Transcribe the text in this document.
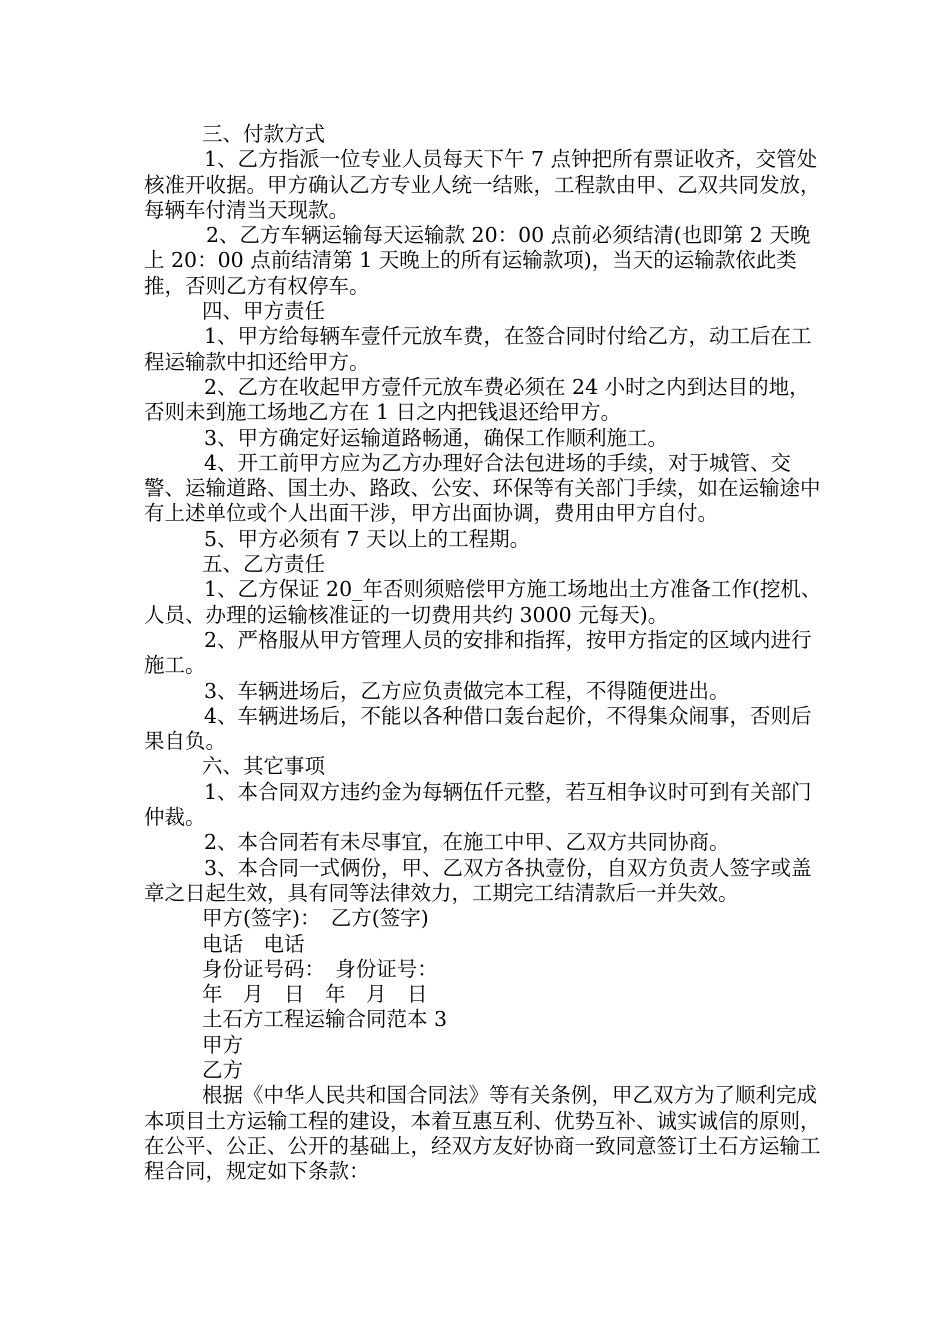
三、付款方式

1、乙方指派一位专业人员每天下午 7 点钟把所有票证收齐，交管处核准开收据。甲方确认乙方专业人统一结账，工程款由甲、乙双共同发放，每辆车付清当天现款。

2、乙方车辆运输每天运输款 20：00 点前必须结清(也即第 2 天晚上 20：00 点前结清第 1 天晚上的所有运输款项)，当天的运输款依此类推，否则乙方有权停车。

四、甲方责任

1、甲方给每辆车壹仟元放车费，在签合同时付给乙方，动工后在工程运输款中扣还给甲方。

2、乙方在收起甲方壹仟元放车费必须在 24 小时之内到达目的地，否则未到施工场地乙方在 1 日之内把钱退还给甲方。

3、甲方确定好运输道路畅通，确保工作顺利施工。

4、开工前甲方应为乙方办理好合法包进场的手续，对于城管、交警、运输道路、国土办、路政、公安、环保等有关部门手续，如在运输途中有上述单位或个人出面干涉，甲方出面协调，费用由甲方自付。

5、甲方必须有 7 天以上的工程期。

五、乙方责任

1、乙方保证 20_年否则须赔偿甲方施工场地出土方准备工作(挖机、人员、办理的运输核准证的一切费用共约 3000 元每天)。

2、严格服从甲方管理人员的安排和指挥，按甲方指定的区域内进行施工。

3、车辆进场后，乙方应负责做完本工程，不得随便进出。

4、车辆进场后，不能以各种借口轰台起价，不得集众闹事，否则后果自负。

六、其它事项

1、本合同双方违约金为每辆伍仟元整，若互相争议时可到有关部门仲裁。

2、本合同若有未尽事宜，在施工中甲、乙双方共同协商。

3、本合同一式俩份，甲、乙双方各执壹份，自双方负责人签字或盖章之日起生效，具有同等法律效力，工期完工结清款后一并失效。

甲方(签字)：　乙方(签字)

电话　电话

身份证号码：　身份证号：

年　月　日　年　月　日

土石方工程运输合同范本 3

甲方

乙方

根据《中华人民共和国合同法》等有关条例，甲乙双方为了顺利完成本项目土方运输工程的建设，本着互惠互利、优势互补、诚实诚信的原则，在公平、公正、公开的基础上，经双方友好协商一致同意签订土石方运输工程合同，规定如下条款：
